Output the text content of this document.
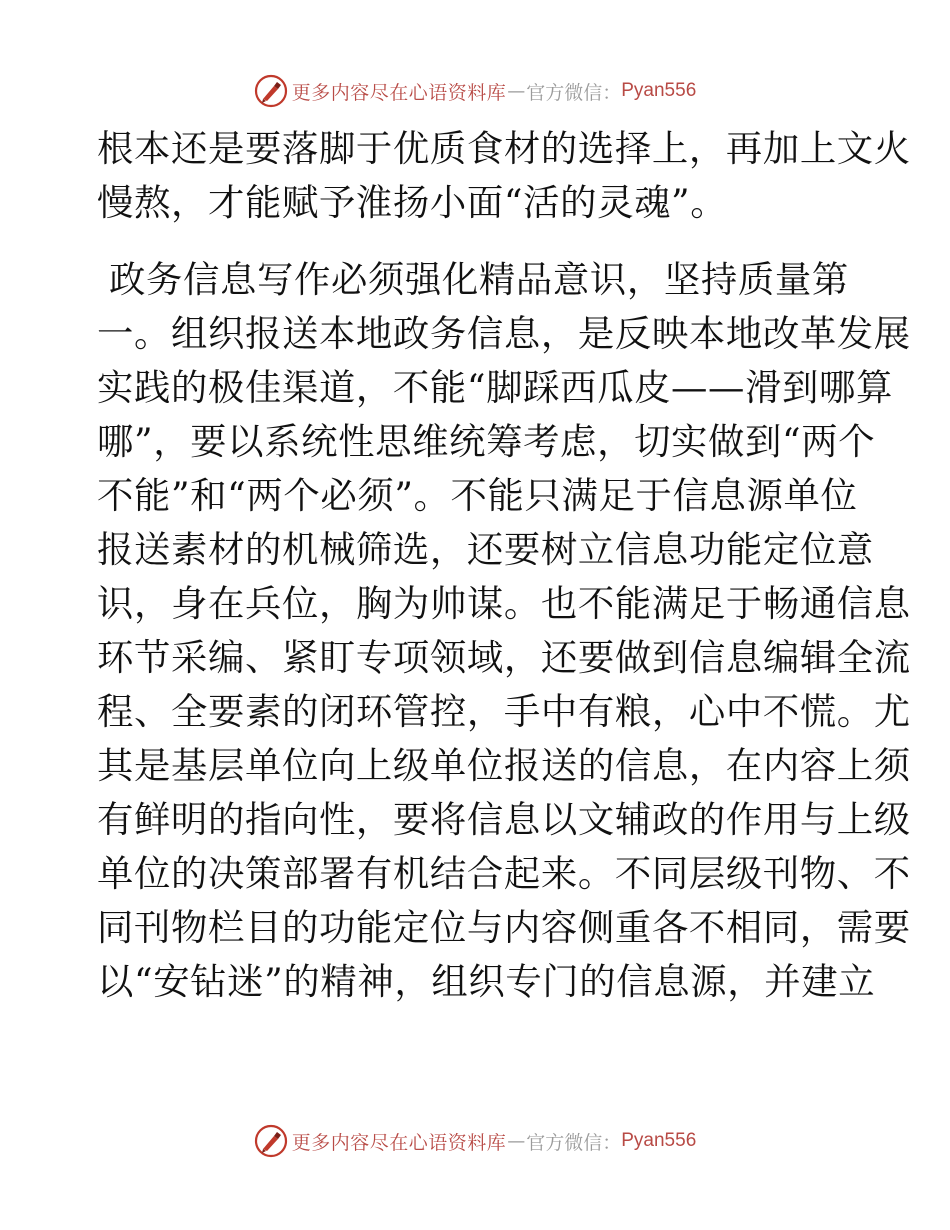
更多内容尽在心语资料库 — 官方微信： Pyan556
根本还是要落脚于优质食材的选择上，再加上文火
慢熬，才能赋予淮扬小面“活的灵魂”。
政务信息写作必须强化精品意识，坚持质量第
一。组织报送本地政务信息，是反映本地改革发展
实践的极佳渠道，不能“脚踩西瓜皮——滑到哪算
哪”，要以系统性思维统筹考虑，切实做到“两个
不能”和“两个必须”。不能只满足于信息源单位
报送素材的机械筛选，还要树立信息功能定位意
识，身在兵位，胸为帅谋。也不能满足于畅通信息
环节采编、紧盯专项领域，还要做到信息编辑全流
程、全要素的闭环管控，手中有粮，心中不慌。尤
其是基层单位向上级单位报送的信息，在内容上须
有鲜明的指向性，要将信息以文辅政的作用与上级
单位的决策部署有机结合起来。不同层级刊物、不
同刊物栏目的功能定位与内容侧重各不相同，需要
以“安钻迷”的精神，组织专门的信息源，并建立
更多内容尽在心语资料库 — 官方微信： Pyan556
